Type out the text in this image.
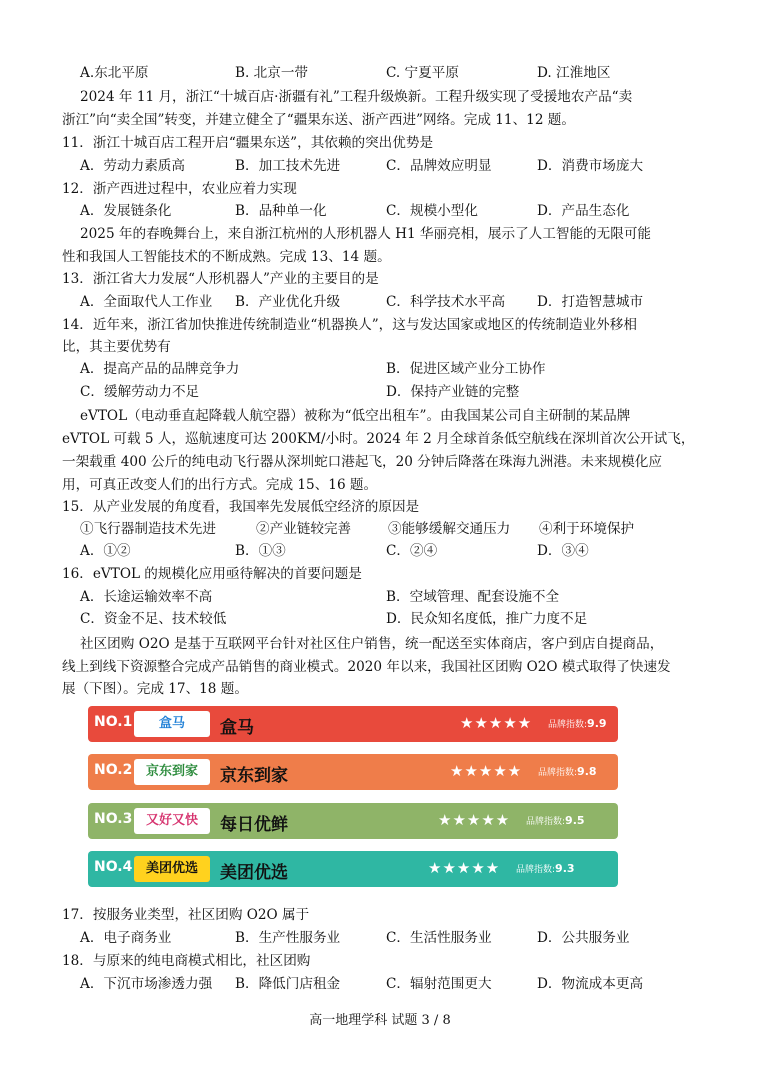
A.东北平原	B. 北京一带	C. 宁夏平原	D. 江淮地区
2024 年 11 月，浙江“十城百店·浙疆有礼”工程升级焕新。工程升级实现了受援地农产品“卖
浙江”向“卖全国”转变，并建立健全了“疆果东送、浙产西进”网络。完成 11、12 题。
11．浙江十城百店工程开启“疆果东送”，其依赖的突出优势是
A．劳动力素质高	B．加工技术先进	C．品牌效应明显	D．消费市场庞大
12．浙产西进过程中，农业应着力实现
A．发展链条化	B．品种单一化	C．规模小型化	D．产品生态化
2025 年的春晚舞台上，来自浙江杭州的人形机器人 H1 华丽亮相，展示了人工智能的无限可能
性和我国人工智能技术的不断成熟。完成 13、14 题。
13．浙江省大力发展“人形机器人”产业的主要目的是
A．全面取代人工作业 B．产业优化升级	C．科学技术水平高 D．打造智慧城市
14．近年来，浙江省加快推进传统制造业“机器换人”，这与发达国家或地区的传统制造业外移相
比，其主要优势有
A．提高产品的品牌竞争力	B．促进区域产业分工协作
C．缓解劳动力不足	D．保持产业链的完整
eVTOL（电动垂直起降载人航空器）被称为“低空出租车”。由我国某公司自主研制的某品牌
eVTOL 可载 5 人，巡航速度可达 200KM/小时。2024 年 2 月全球首条低空航线在深圳首次公开试飞，
一架载重 400 公斤的纯电动飞行器从深圳蛇口港起飞，20 分钟后降落在珠海九洲港。未来规模化应
用，可真正改变人们的出行方式。完成 15、16 题。
15．从产业发展的角度看，我国率先发展低空经济的原因是
①飞行器制造技术先进	②产业链较完善	③能够缓解交通压力 ④利于环境保护
A．①②	B．①③	C．②④	D．③④
16．eVTOL 的规模化应用亟待解决的首要问题是
A．长途运输效率不高	B．空域管理、配套设施不全
C．资金不足、技术较低	D．民众知名度低，推广力度不足
社区团购 O2O 是基于互联网平台针对社区住户销售，统一配送至实体商店，客户到店自提商品，
线上到线下资源整合完成产品销售的商业模式。2020 年以来，我国社区团购 O2O 模式取得了快速发
展（下图）。完成 17、18 题。
NO.1	盒马	盒马	★★★★★ 品牌指数:9.9
NO.2	京东到家	京东到家	★★★★★ 品牌指数:9.8
NO.3	又好又快	每日优鲜	★★★★★ 品牌指数:9.5
NO.4	美团优选	美团优选	★★★★★ 品牌指数:9.3
17．按服务业类型，社区团购 O2O 属于
A．电子商务业	B．生产性服务业	C．生活性服务业	D．公共服务业
18．与原来的纯电商模式相比，社区团购
A．下沉市场渗透力强 B．降低门店租金	C．辐射范围更大	D．物流成本更高
高一地理学科 试题 3 / 8
